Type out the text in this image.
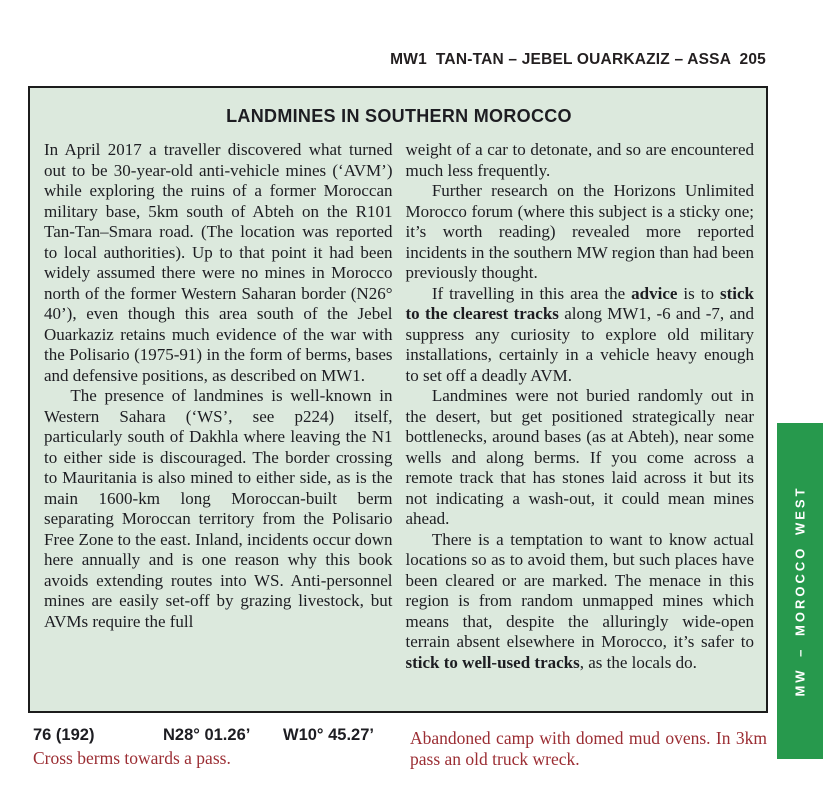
MW1  TAN-TAN – JEBEL OUARKAZIZ – ASSA  205
LANDMINES IN SOUTHERN MOROCCO

In April 2017 a traveller discovered what turned out to be 30-year-old anti-vehicle mines (‘AVM’) while exploring the ruins of a former Moroccan military base, 5km south of Abteh on the R101 Tan-Tan–Smara road. (The location was reported to local authorities). Up to that point it had been widely assumed there were no mines in Morocco north of the former Western Saharan border (N26° 40’), even though this area south of the Jebel Ouarkaziz retains much evidence of the war with the Polisario (1975-91) in the form of berms, bases and defensive positions, as described on MW1.

The presence of landmines is well-known in Western Sahara (‘WS’, see p224) itself, particularly south of Dakhla where leaving the N1 to either side is discouraged. The border crossing to Mauritania is also mined to either side, as is the main 1600-km long Moroccan-built berm separating Moroccan territory from the Polisario Free Zone to the east. Inland, incidents occur down here annually and is one reason why this book avoids extending routes into WS. Anti-personnel mines are easily set-off by grazing livestock, but AVMs require the full

weight of a car to detonate, and so are encountered much less frequently.

Further research on the Horizons Unlimited Morocco forum (where this subject is a sticky one; it’s worth reading) revealed more reported incidents in the southern MW region than had been previously thought.

If travelling in this area the advice is to stick to the clearest tracks along MW1, -6 and -7, and suppress any curiosity to explore old military installations, certainly in a vehicle heavy enough to set off a deadly AVM.

Landmines were not buried randomly out in the desert, but get positioned strategically near bottlenecks, around bases (as at Abteh), near some wells and along berms. If you come across a remote track that has stones laid across it but its not indicating a wash-out, it could mean mines ahead.

There is a temptation to want to know actual locations so as to avoid them, but such places have been cleared or are marked. The menace in this region is from random unmapped mines which means that, despite the alluringly wide-open terrain absent elsewhere in Morocco, it’s safer to stick to well-used tracks, as the locals do.	MW – MOROCCO WEST
76 (192)	N28° 01.26’ W10° 45.27’
Cross berms towards a pass.
Abandoned camp with domed mud ovens. In 3km pass an old truck wreck.
